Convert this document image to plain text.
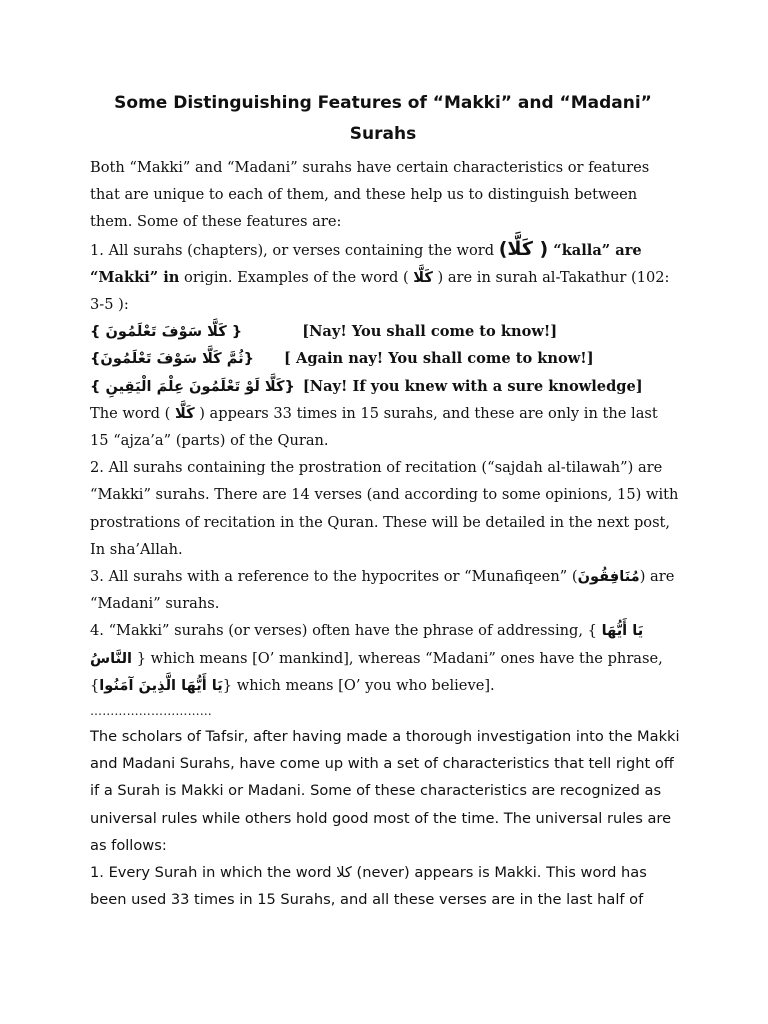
Some Distinguishing Features of “Makki” and “Madani”
Surahs

Both “Makki” and “Madani” surahs have certain characteristics or features that are unique to each of them, and these help us to distinguish between them. Some of these features are:

1. All surahs (chapters), or verses containing the word ( كَلَّا) “kalla” are “Makki” in origin. Examples of the word ( كَلَّا ) are in surah al-Takathur (102: 3-5 ):

{ كَلَّا سَوْفَ تَعْلَمُونَ }	[Nay! You shall come to know!]
{ثُمَّ كَلَّا سَوْفَ تَعْلَمُونَ} [ Again nay! You shall come to know!]
{كَلَّا لَوْ تَعْلَمُونَ عِلْمَ الْيَقِينِ } [Nay! If you knew with a sure knowledge]

The word ( كَلَّا ) appears 33 times in 15 surahs, and these are only in the last 15 “ajza’a” (parts) of the Quran.

2. All surahs containing the prostration of recitation (“sajdah al-tilawah”) are “Makki” surahs. There are 14 verses (and according to some opinions, 15) with prostrations of recitation in the Quran. These will be detailed in the next post, In sha’Allah.

3. All surahs with a reference to the hypocrites or “Munafiqeen” (مُنَافِقُونَ) are “Madani” surahs.

4. “Makki” surahs (or verses) often have the phrase of addressing, { يَا أَيُّهَا النَّاسُ } which means [O’ mankind], whereas “Madani” ones have the phrase, {يَا أَيُّهَا الَّذِينَ آمَنُوا} which means [O’ you who believe].

…………………………

The scholars of Tafsir, after having made a thorough investigation into the Makki and Madani Surahs, have come up with a set of characteristics that tell right off if a Surah is Makki or Madani. Some of these characteristics are recognized as universal rules while others hold good most of the time. The universal rules are as follows:

1. Every Surah in which the word كلا (never) appears is Makki. This word has been used 33 times in 15 Surahs, and all these verses are in the last half of
